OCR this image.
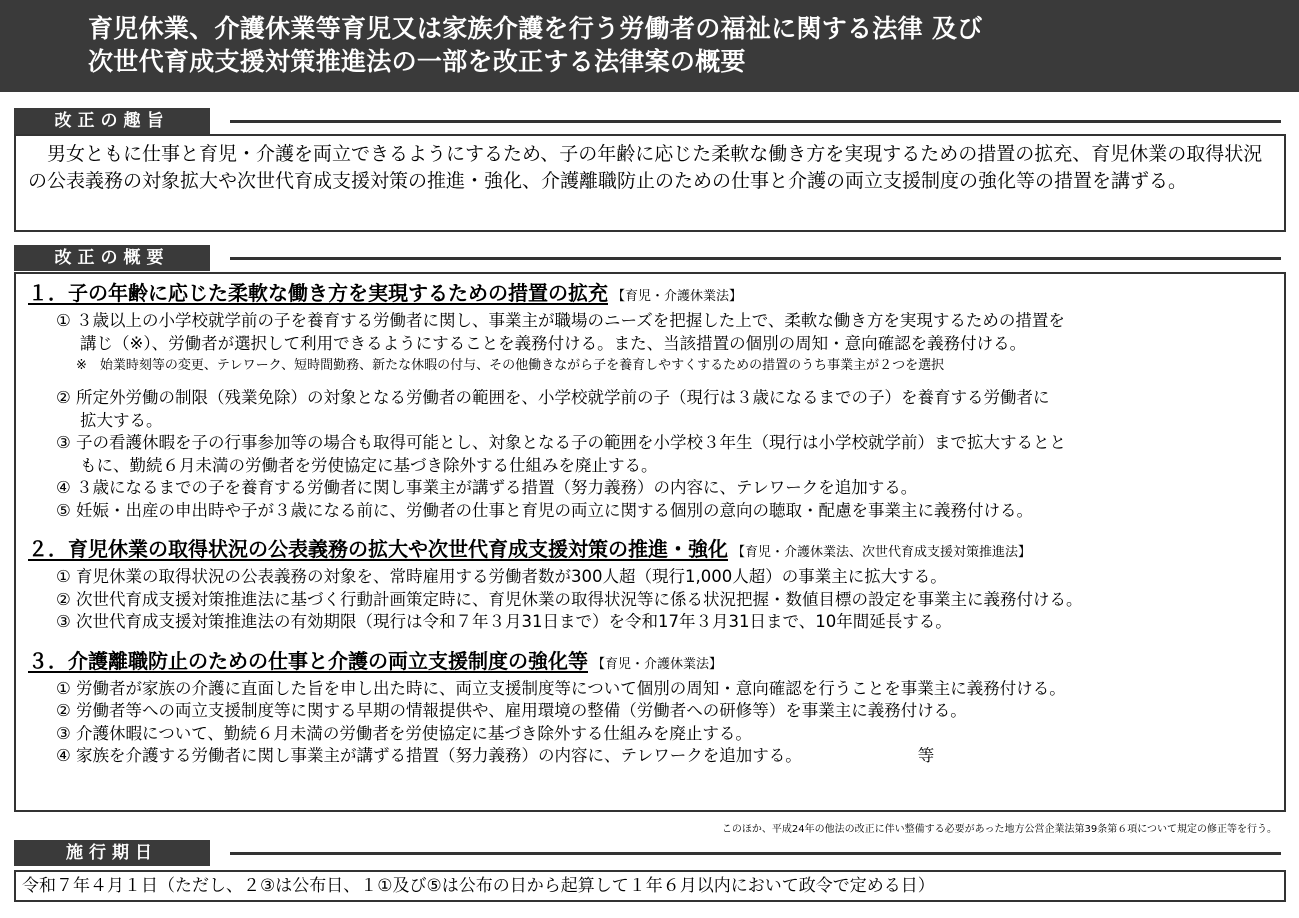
育児休業、介護休業等育児又は家族介護を行う労働者の福祉に関する法律 及び
次世代育成支援対策推進法の一部を改正する法律案の概要
改正の趣旨

男女ともに仕事と育児・介護を両立できるようにするため、子の年齢に応じた柔軟な働き方を実現するための措置の拡充、育児休業の取得状況の公表義務の対象拡大や次世代育成支援対策の推進・強化、介護離職防止のための仕事と介護の両立支援制度の強化等の措置を講ずる。

改正の概要
１．子の年齢に応じた柔軟な働き方を実現するための措置の拡充 【育児・介護休業法】
① ３歳以上の小学校就学前の子を養育する労働者に関し、事業主が職場のニーズを把握した上で、柔軟な働き方を実現するための措置を
講じ（※）、労働者が選択して利用できるようにすることを義務付ける。また、当該措置の個別の周知・意向確認を義務付ける。
※　始業時刻等の変更、テレワーク、短時間勤務、新たな休暇の付与、その他働きながら子を養育しやすくするための措置のうち事業主が２つを選択
② 所定外労働の制限（残業免除）の対象となる労働者の範囲を、小学校就学前の子（現行は３歳になるまでの子）を養育する労働者に
拡大する。
③ 子の看護休暇を子の行事参加等の場合も取得可能とし、対象となる子の範囲を小学校３年生（現行は小学校就学前）まで拡大するとと
もに、勤続６月未満の労働者を労使協定に基づき除外する仕組みを廃止する。
④ ３歳になるまでの子を養育する労働者に関し事業主が講ずる措置（努力義務）の内容に、テレワークを追加する。
⑤ 妊娠・出産の申出時や子が３歳になる前に、労働者の仕事と育児の両立に関する個別の意向の聴取・配慮を事業主に義務付ける。
２．育児休業の取得状況の公表義務の拡大や次世代育成支援対策の推進・強化 【育児・介護休業法、次世代育成支援対策推進法】
① 育児休業の取得状況の公表義務の対象を、常時雇用する労働者数が300人超（現行1,000人超）の事業主に拡大する。
② 次世代育成支援対策推進法に基づく行動計画策定時に、育児休業の取得状況等に係る状況把握・数値目標の設定を事業主に義務付ける。
③ 次世代育成支援対策推進法の有効期限（現行は令和７年３月31日まで）を令和17年３月31日まで、10年間延長する。
３．介護離職防止のための仕事と介護の両立支援制度の強化等 【育児・介護休業法】
① 労働者が家族の介護に直面した旨を申し出た時に、両立支援制度等について個別の周知・意向確認を行うことを事業主に義務付ける。
② 労働者等への両立支援制度等に関する早期の情報提供や、雇用環境の整備（労働者への研修等）を事業主に義務付ける。
③ 介護休暇について、勤続６月未満の労働者を労使協定に基づき除外する仕組みを廃止する。
④ 家族を介護する労働者に関し事業主が講ずる措置（努力義務）の内容に、テレワークを追加する。	等
このほか、平成24年の他法の改正に伴い整備する必要があった地方公営企業法第39条第６項について規定の修正等を行う。
施行期日
令和７年４月１日（ただし、２③は公布日、１①及び⑤は公布の日から起算して１年６月以内において政令で定める日）
